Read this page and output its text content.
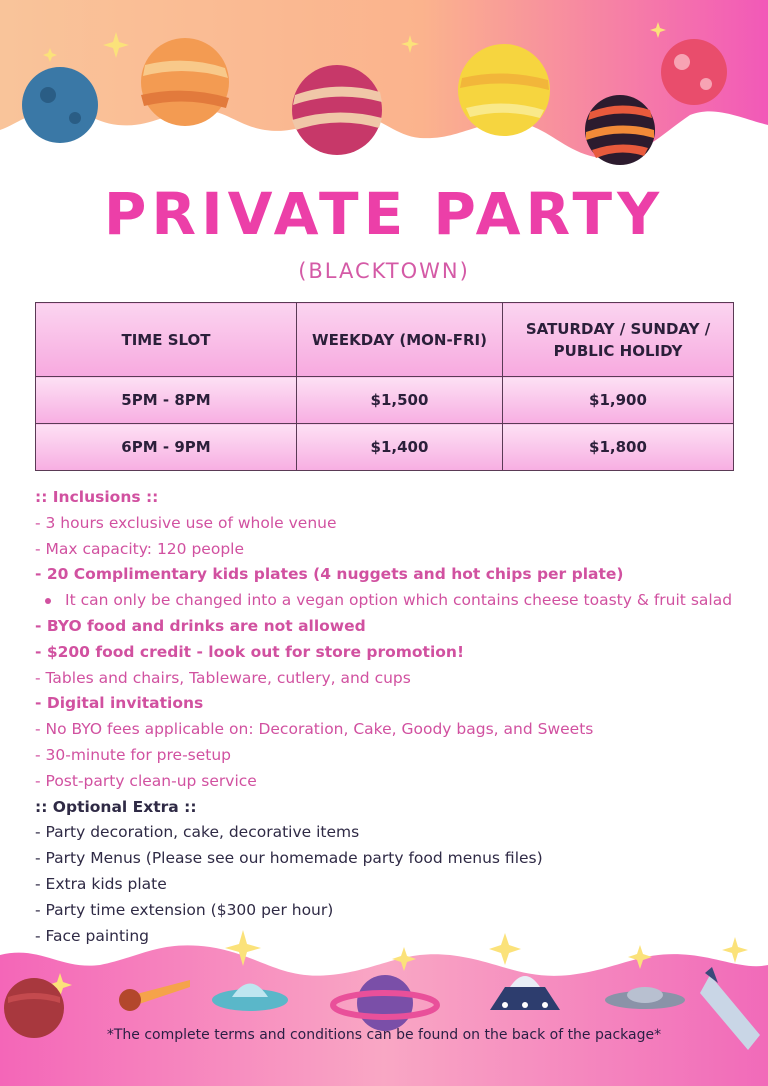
PRIVATE PARTY
(BLACKTOWN)
TIME SLOT	WEEKDAY (MON-FRI)	SATURDAY / SUNDAY / PUBLIC HOLIDY

5PM - 8PM	$1,500	$1,900
6PM - 9PM	$1,400	$1,800
:: Inclusions ::
- 3 hours exclusive use of whole venue
- Max capacity: 120 people
- 20 Complimentary kids plates (4 nuggets and hot chips per plate)
It can only be changed into a vegan option which contains cheese toasty & fruit salad
- BYO food and drinks are not allowed
- $200 food credit - look out for store promotion!
- Tables and chairs, Tableware, cutlery, and cups
- Digital invitations
- No BYO fees applicable on: Decoration, Cake, Goody bags, and Sweets
- 30-minute for pre-setup
- Post-party clean-up service
:: Optional Extra ::
- Party decoration, cake, decorative items
- Party Menus (Please see our homemade party food menus files)
- Extra kids plate
- Party time extension ($300 per hour)
- Face painting
*The complete terms and conditions can be found on the back of the package*
